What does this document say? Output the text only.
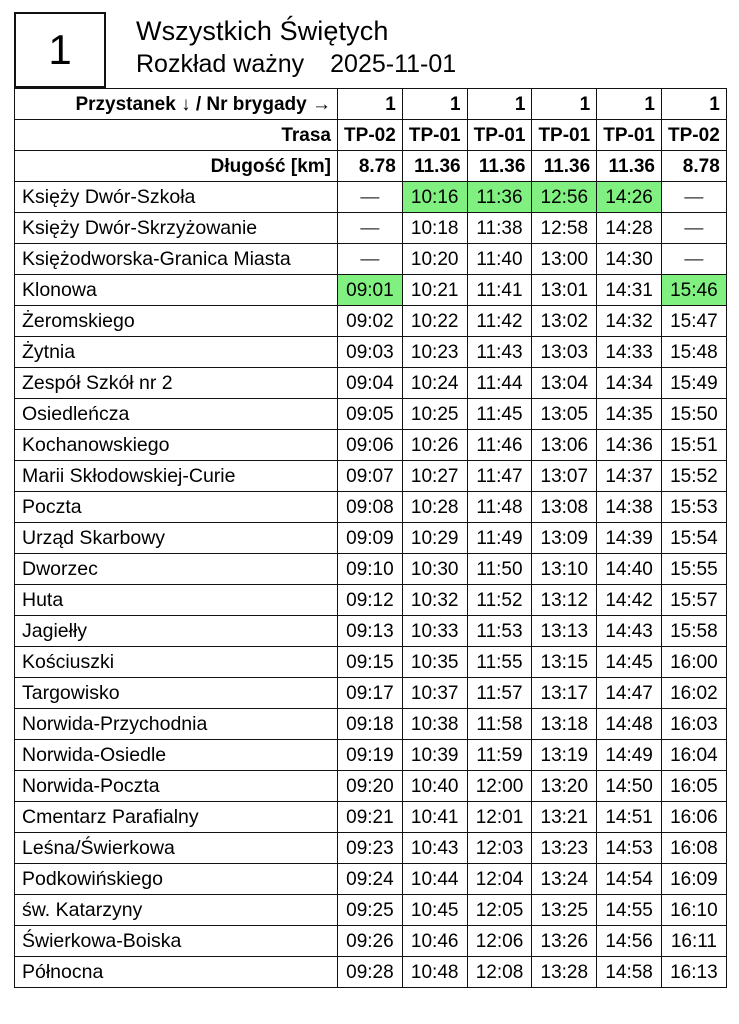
1 Wszystkich Świętych
Rozkład ważny 2025-11-01
Przystanek ↓ / Nr brygady →	1	1	1	1	1	1
Trasa	TP-02	TP-01	TP-01	TP-01	TP-01	TP-02
Długość [km]	8.78	11.36	11.36	11.36	11.36	8.78
Księży Dwór-Szkoła	—	10:16	11:36	12:56	14:26	—
Księży Dwór-Skrzyżowanie	—	10:18	11:38	12:58	14:28	—
Księżodworska-Granica Miasta	—	10:20	11:40	13:00	14:30	—
Klonowa	09:01	10:21	11:41	13:01	14:31	15:46
Żeromskiego	09:02	10:22	11:42	13:02	14:32	15:47
Żytnia	09:03	10:23	11:43	13:03	14:33	15:48
Zespół Szkół nr 2	09:04	10:24	11:44	13:04	14:34	15:49
Osiedleńcza	09:05	10:25	11:45	13:05	14:35	15:50
Kochanowskiego	09:06	10:26	11:46	13:06	14:36	15:51
Marii Skłodowskiej-Curie	09:07	10:27	11:47	13:07	14:37	15:52
Poczta	09:08	10:28	11:48	13:08	14:38	15:53
Urząd Skarbowy	09:09	10:29	11:49	13:09	14:39	15:54
Dworzec	09:10	10:30	11:50	13:10	14:40	15:55
Huta	09:12	10:32	11:52	13:12	14:42	15:57
Jagiełły	09:13	10:33	11:53	13:13	14:43	15:58
Kościuszki	09:15	10:35	11:55	13:15	14:45	16:00
Targowisko	09:17	10:37	11:57	13:17	14:47	16:02
Norwida-Przychodnia	09:18	10:38	11:58	13:18	14:48	16:03
Norwida-Osiedle	09:19	10:39	11:59	13:19	14:49	16:04
Norwida-Poczta	09:20	10:40	12:00	13:20	14:50	16:05
Cmentarz Parafialny	09:21	10:41	12:01	13:21	14:51	16:06
Leśna/Świerkowa	09:23	10:43	12:03	13:23	14:53	16:08
Podkowińskiego	09:24	10:44	12:04	13:24	14:54	16:09
św. Katarzyny	09:25	10:45	12:05	13:25	14:55	16:10
Świerkowa-Boiska	09:26	10:46	12:06	13:26	14:56	16:11
Północna	09:28	10:48	12:08	13:28	14:58	16:13
